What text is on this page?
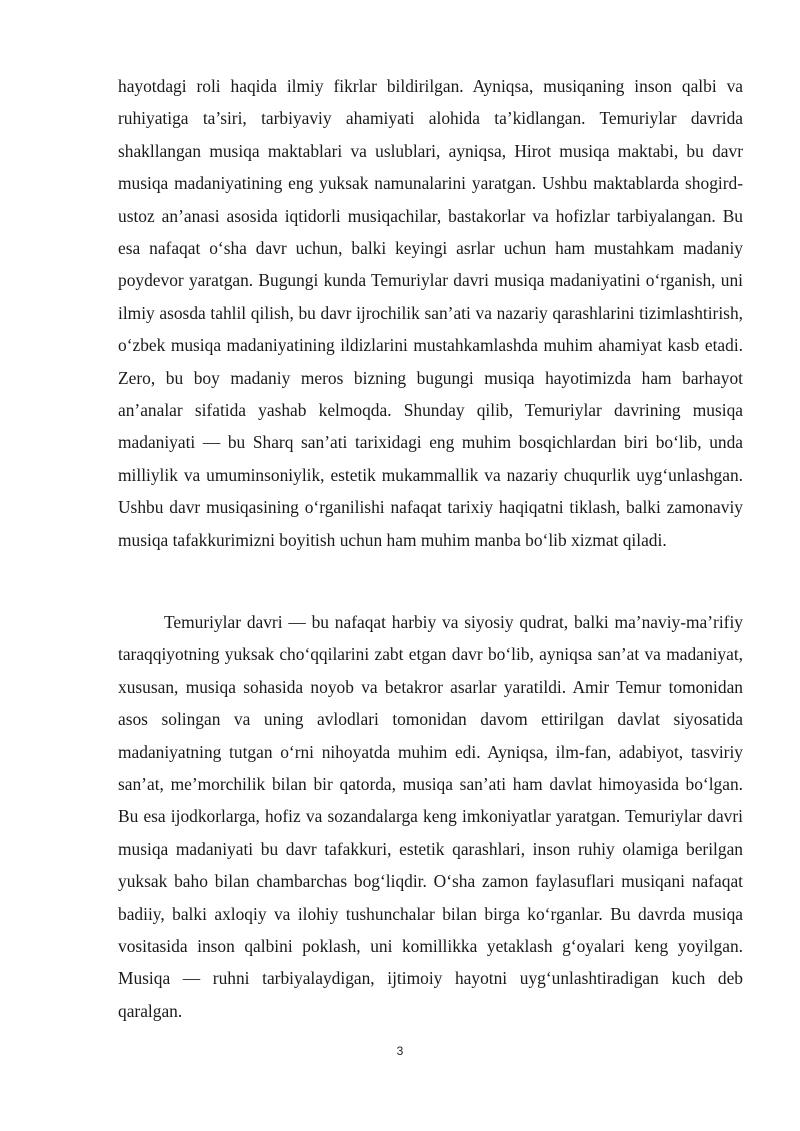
hayotdagi roli haqida ilmiy fikrlar bildirilgan. Ayniqsa, musiqaning inson qalbi va ruhiyatiga ta’siri, tarbiyaviy ahamiyati alohida ta’kidlangan. Temuriylar davrida shakllangan musiqa maktablari va uslublari, ayniqsa, Hirot musiqa maktabi, bu davr musiqa madaniyatining eng yuksak namunalarini yaratgan. Ushbu maktablarda shogird-ustoz an’anasi asosida iqtidorli musiqachilar, bastakorlar va hofizlar tarbiyalangan. Bu esa nafaqat o‘sha davr uchun, balki keyingi asrlar uchun ham mustahkam madaniy poydevor yaratgan. Bugungi kunda Temuriylar davri musiqa madaniyatini o‘rganish, uni ilmiy asosda tahlil qilish, bu davr ijrochilik san’ati va nazariy qarashlarini tizimlashtirish, o‘zbek musiqa madaniyatining ildizlarini mustahkamlashda muhim ahamiyat kasb etadi. Zero, bu boy madaniy meros bizning bugungi musiqa hayotimizda ham barhayot an’analar sifatida yashab kelmoqda. Shunday qilib, Temuriylar davrining musiqa madaniyati — bu Sharq san’ati tarixidagi eng muhim bosqichlardan biri bo‘lib, unda milliylik va umuminsoniylik, estetik mukammallik va nazariy chuqurlik uyg‘unlashgan. Ushbu davr musiqasining o‘rganilishi nafaqat tarixiy haqiqatni tiklash, balki zamonaviy musiqa tafakkurimizni boyitish uchun ham muhim manba bo‘lib xizmat qiladi.

Temuriylar davri — bu nafaqat harbiy va siyosiy qudrat, balki ma’naviy-ma’rifiy taraqqiyotning yuksak cho‘qqilarini zabt etgan davr bo‘lib, ayniqsa san’at va madaniyat, xususan, musiqa sohasida noyob va betakror asarlar yaratildi. Amir Temur tomonidan asos solingan va uning avlodlari tomonidan davom ettirilgan davlat siyosatida madaniyatning tutgan o‘rni nihoyatda muhim edi. Ayniqsa, ilm-fan, adabiyot, tasviriy san’at, me’morchilik bilan bir qatorda, musiqa san’ati ham davlat himoyasida bo‘lgan. Bu esa ijodkorlarga, hofiz va sozandalarga keng imkoniyatlar yaratgan. Temuriylar davri musiqa madaniyati bu davr tafakkuri, estetik qarashlari, inson ruhiy olamiga berilgan yuksak baho bilan chambarchas bog‘liqdir. O‘sha zamon faylasuflari musiqani nafaqat badiiy, balki axloqiy va ilohiy tushunchalar bilan birga ko‘rganlar. Bu davrda musiqa vositasida inson qalbini poklash, uni komillikka yetaklash g‘oyalari keng yoyilgan. Musiqa — ruhni tarbiyalaydigan, ijtimoiy hayotni uyg‘unlashtiradigan kuch deb qaralgan.

3
